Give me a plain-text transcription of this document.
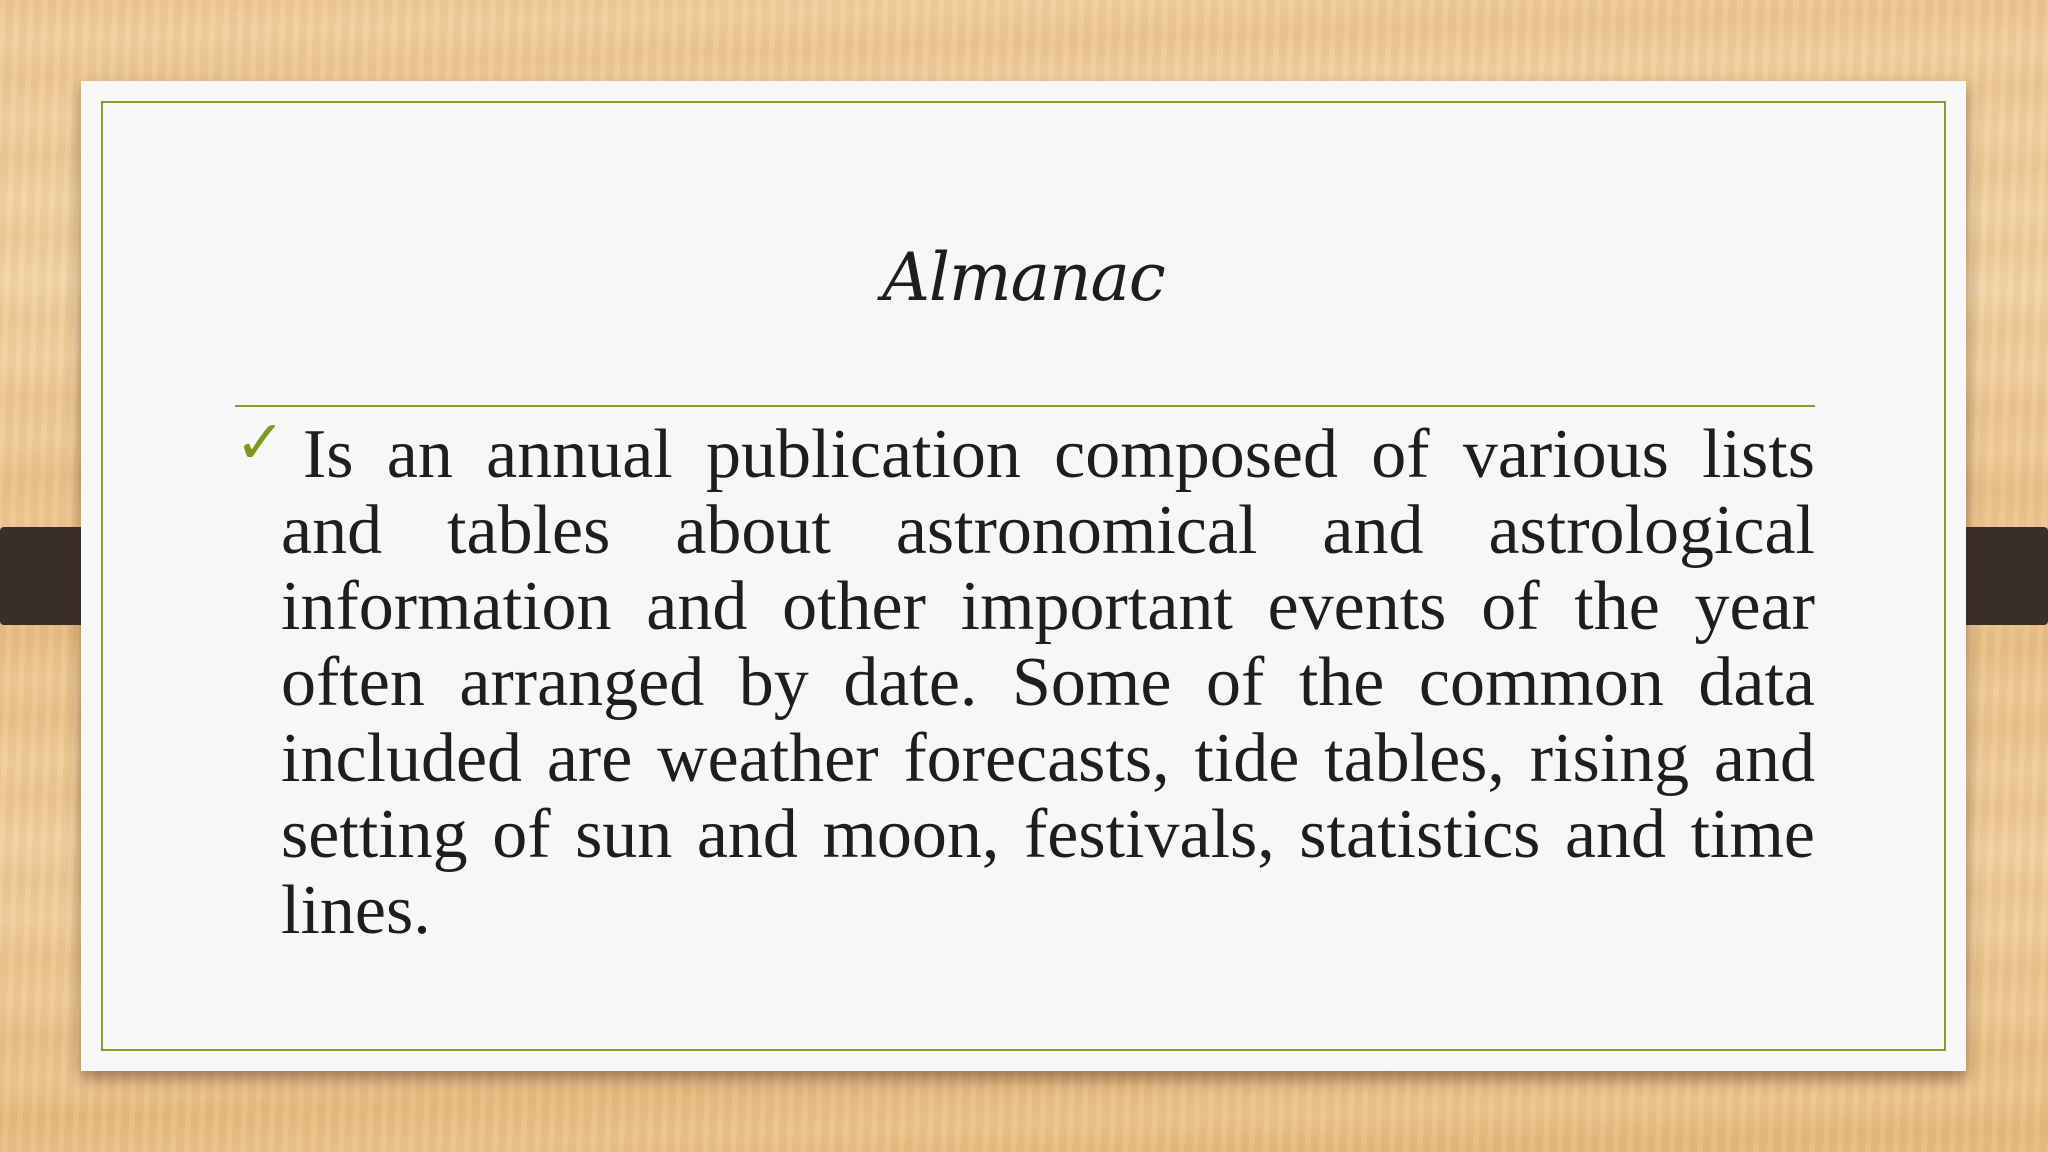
Almanac
✓ Is an annual publication composed of various lists and tables about astronomical and astrological information and other important events of the year often arranged by date. Some of the common data included are weather forecasts, tide tables, rising and setting of sun and moon, festivals, statistics and time lines.
